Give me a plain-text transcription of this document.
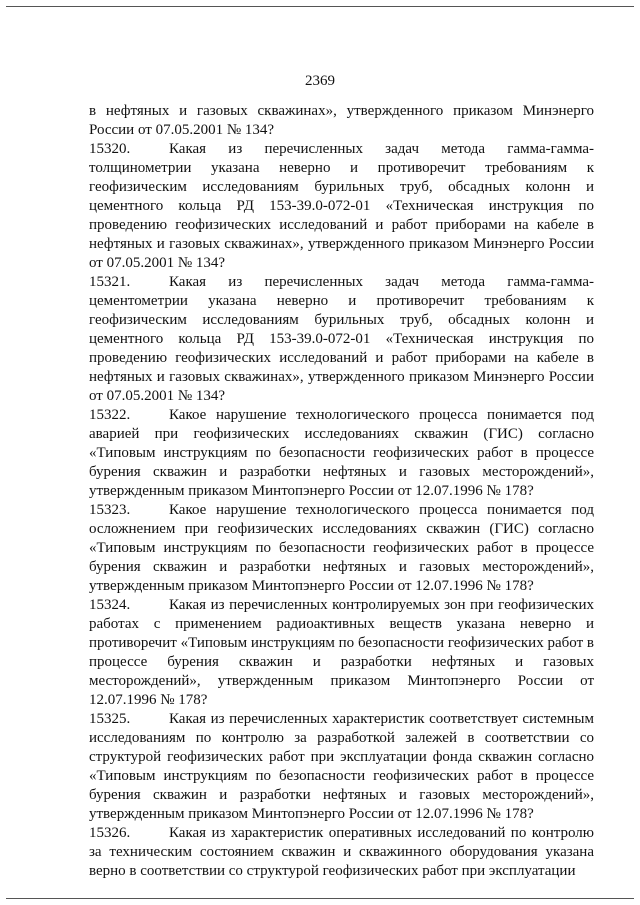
2369

в нефтяных и газовых скважинах», утвержденного приказом Минэнерго России от 07.05.2001 № 134?

15320.	Какая из перечисленных задач метода гамма-гамма-толщинометрии указана неверно и противоречит требованиям к геофизическим исследованиям бурильных труб, обсадных колонн и цементного кольца РД 153-39.0-072-01 «Техническая инструкция по проведению геофизических исследований и работ приборами на кабеле в нефтяных и газовых скважинах», утвержденного приказом Минэнерго России от 07.05.2001 № 134?

15321.	Какая из перечисленных задач метода гамма-гамма-цементометрии указана неверно и противоречит требованиям к геофизическим исследованиям бурильных труб, обсадных колонн и цементного кольца РД 153-39.0-072-01 «Техническая инструкция по проведению геофизических исследований и работ приборами на кабеле в нефтяных и газовых скважинах», утвержденного приказом Минэнерго России от 07.05.2001 № 134?

15322.	Какое нарушение технологического процесса понимается под аварией при геофизических исследованиях скважин (ГИС) согласно «Типовым инструкциям по безопасности геофизических работ в процессе бурения скважин и разработки нефтяных и газовых месторождений», утвержденным приказом Минтопэнерго России от 12.07.1996 № 178?

15323.	Какое нарушение технологического процесса понимается под осложнением при геофизических исследованиях скважин (ГИС) согласно «Типовым инструкциям по безопасности геофизических работ в процессе бурения скважин и разработки нефтяных и газовых месторождений», утвержденным приказом Минтопэнерго России от 12.07.1996 № 178?

15324.	Какая из перечисленных контролируемых зон при геофизических работах с применением радиоактивных веществ указана неверно и противоречит «Типовым инструкциям по безопасности геофизических работ в процессе бурения скважин и разработки нефтяных и газовых месторождений», утвержденным приказом Минтопэнерго России от 12.07.1996 № 178?

15325.	Какая из перечисленных характеристик соответствует системным исследованиям по контролю за разработкой залежей в соответствии со структурой геофизических работ при эксплуатации фонда скважин согласно «Типовым инструкциям по безопасности геофизических работ в процессе бурения скважин и разработки нефтяных и газовых месторождений», утвержденным приказом Минтопэнерго России от 12.07.1996 № 178?

15326.	Какая из характеристик оперативных исследований по контролю за техническим состоянием скважин и скважинного оборудования указана верно в соответствии со структурой геофизических работ при эксплуатации
